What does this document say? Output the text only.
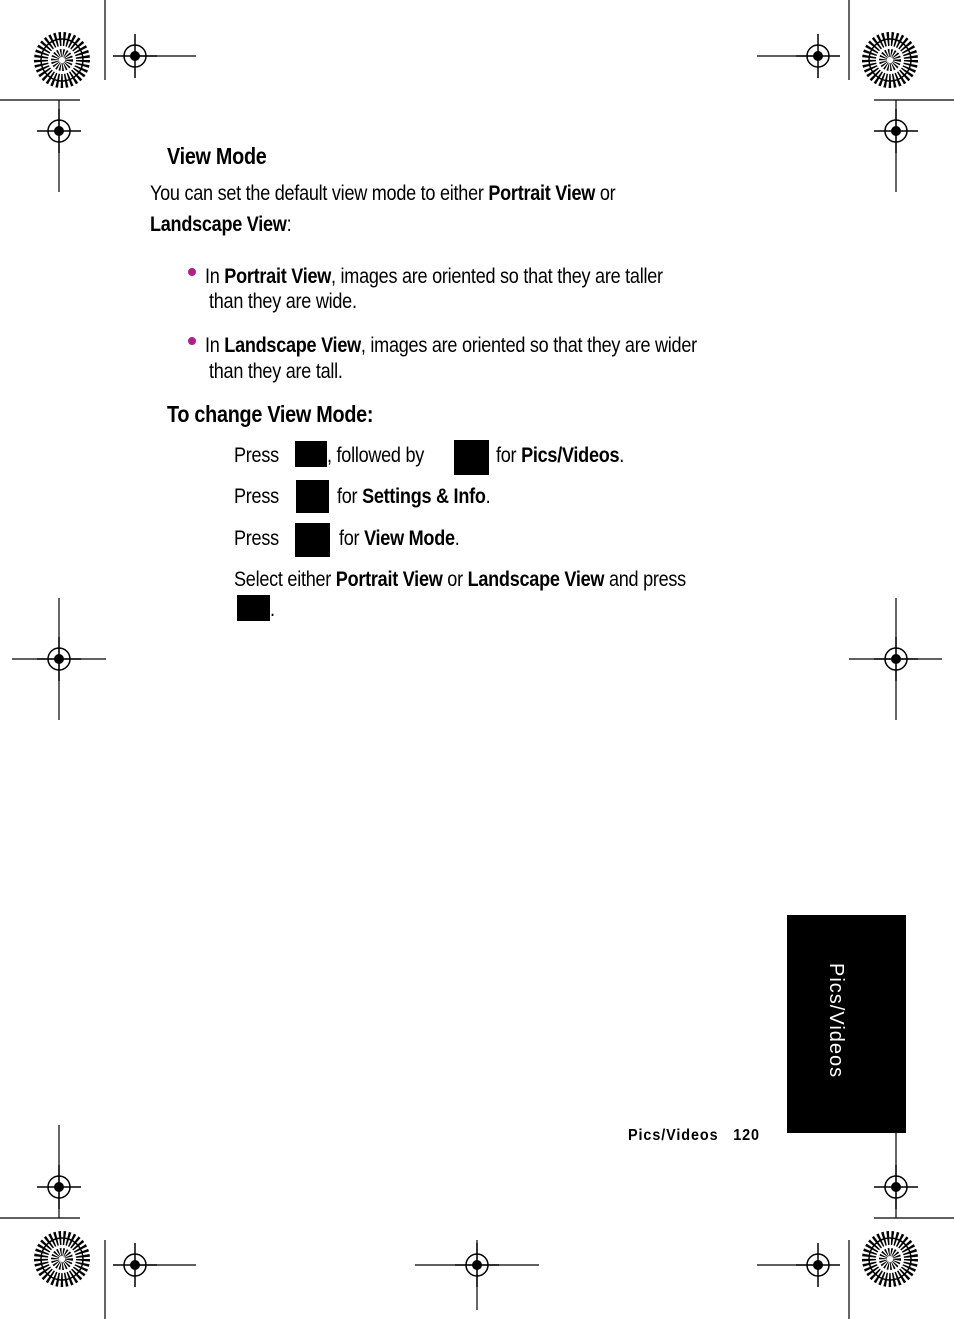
View Mode
You can set the default view mode to either Portrait View or
Landscape View:
In Portrait View, images are oriented so that they are taller
than they are wide.
In Landscape View, images are oriented so that they are wider
than they are tall.
To change View Mode:
Press , followed by	for Pics/Videos.
Press	for Settings & Info.
Press	for View Mode.
Select either Portrait View or Landscape View and press
.
Pics/Videos
Pics/Videos 120
